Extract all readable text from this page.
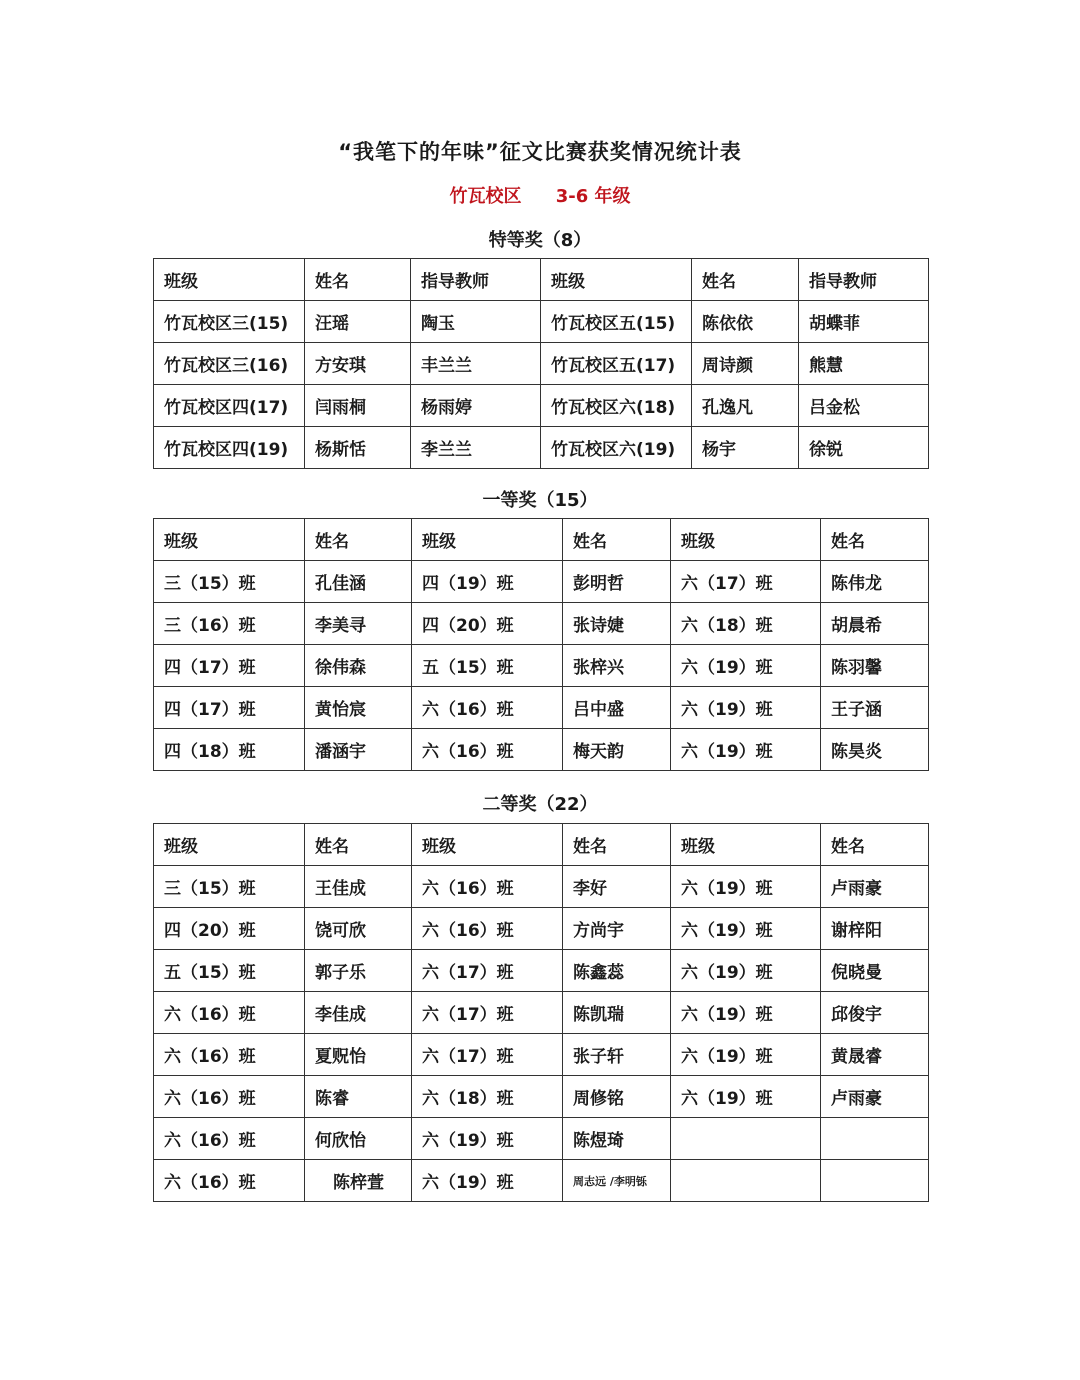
“我笔下的年味”征文比赛获奖情况统计表
竹瓦校区 3-6 年级
特等奖（8）
班级	姓名	指导教师	班级	姓名	指导教师
竹瓦校区三(15)	汪瑶	陶玉	竹瓦校区五(15)	陈依依	胡蝶菲
竹瓦校区三(16)	方安琪	丰兰兰	竹瓦校区五(17)	周诗颜	熊慧
竹瓦校区四(17)	闫雨桐	杨雨婷	竹瓦校区六(18)	孔逸凡	吕金松
竹瓦校区四(19)	杨斯恬	李兰兰	竹瓦校区六(19)	杨宇	徐锐
一等奖（15）
班级	姓名	班级	姓名	班级	姓名
三（15）班	孔佳涵	四（19）班	彭明哲	六（17）班	陈伟龙
三（16）班	李美寻	四（20）班	张诗婕	六（18）班	胡晨希
四（17）班	徐伟森	五（15）班	张梓兴	六（19）班	陈羽馨
四（17）班	黄怡宸	六（16）班	吕中盛	六（19）班	王子涵
四（18）班	潘涵宇	六（16）班	梅天韵	六（19）班	陈昊炎
二等奖（22）
班级	姓名	班级	姓名	班级	姓名
三（15）班	王佳成	六（16）班	李好	六（19）班	卢雨豪
四（20）班	饶可欣	六（16）班	方尚宇	六（19）班	谢梓阳
五（15）班	郭子乐	六（17）班	陈鑫蕊	六（19）班	倪晓曼
六（16）班	李佳成	六（17）班	陈凯瑞	六（19）班	邱俊宇
六（16）班	夏贶怡	六（17）班	张子轩	六（19）班	黄晟睿
六（16）班	陈睿	六（18）班	周修铭	六（19）班	卢雨豪
六（16）班	何欣怡	六（19）班	陈煜琦		
六（16）班	陈梓萱	六（19）班	周志远 /李明铄		
